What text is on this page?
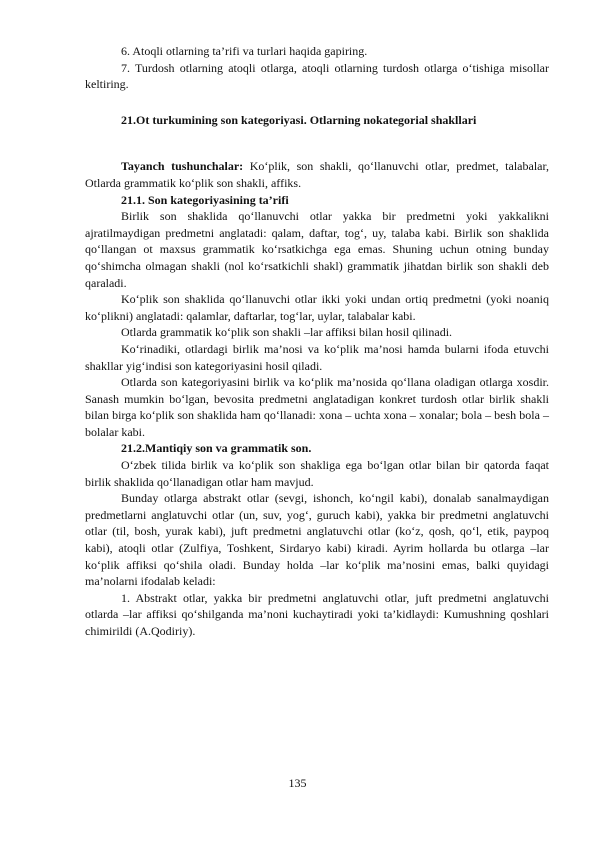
6. Atoqli otlarning ta’rifi va turlari haqida gapiring.

7. Turdosh otlarning atoqli otlarga, atoqli otlarning turdosh otlarga o‘tishiga misollar keltiring.

21.Ot turkumining son kategoriyasi. Otlarning nokategorial shakllari

Tayanch tushunchalar: Ko‘plik, son shakli, qo‘llanuvchi otlar, predmet, talabalar, Otlarda grammatik ko‘plik son shakli, affiks.

21.1. Son kategoriyasining ta’rifi

Birlik son shaklida qo‘llanuvchi otlar yakka bir predmetni yoki yakkalikni ajratilmaydigan predmetni anglatadi: qalam, daftar, tog‘, uy, talaba kabi. Birlik son shaklida qo‘llangan ot maxsus grammatik ko‘rsatkichga ega emas. Shuning uchun otning bunday qo‘shimcha olmagan shakli (nol ko‘rsatkichli shakl) grammatik jihatdan birlik son shakli deb qaraladi.

Ko‘plik son shaklida qo‘llanuvchi otlar ikki yoki undan ortiq predmetni (yoki noaniq ko‘plikni) anglatadi: qalamlar, daftarlar, tog‘lar, uylar, talabalar kabi.

Otlarda grammatik ko‘plik son shakli –lar affiksi bilan hosil qilinadi.

Ko‘rinadiki, otlardagi birlik ma’nosi va ko‘plik ma’nosi hamda bularni ifoda etuvchi shakllar yig‘indisi son kategoriyasini hosil qiladi.

Otlarda son kategoriyasini birlik va ko‘plik ma’nosida qo‘llana oladigan otlarga xosdir. Sanash mumkin bo‘lgan, bevosita predmetni anglatadigan konkret turdosh otlar birlik shakli bilan birga ko‘plik son shaklida ham qo‘llanadi: xona – uchta xona – xonalar; bola – besh bola – bolalar kabi.

21.2.Mantiqiy son va grammatik son.

O‘zbek tilida birlik va ko‘plik son shakliga ega bo‘lgan otlar bilan bir qatorda faqat birlik shaklida qo‘llanadigan otlar ham mavjud.

Bunday otlarga abstrakt otlar (sevgi, ishonch, ko‘ngil kabi), donalab sanalmaydigan predmetlarni anglatuvchi otlar (un, suv, yog‘, guruch kabi), yakka bir predmetni anglatuvchi otlar (til, bosh, yurak kabi), juft predmetni anglatuvchi otlar (ko‘z, qosh, qo‘l, etik, paypoq kabi), atoqli otlar (Zulfiya, Toshkent, Sirdaryo kabi) kiradi. Ayrim hollarda bu otlarga –lar ko‘plik affiksi qo‘shila oladi. Bunday holda –lar ko‘plik ma’nosini emas, balki quyidagi ma’nolarni ifodalab keladi:

1. Abstrakt otlar, yakka bir predmetni anglatuvchi otlar, juft predmetni anglatuvchi otlarda –lar affiksi qo‘shilganda ma’noni kuchaytiradi yoki ta’kidlaydi: Kumushning qoshlari chimirildi (A.Qodiriy).

135
